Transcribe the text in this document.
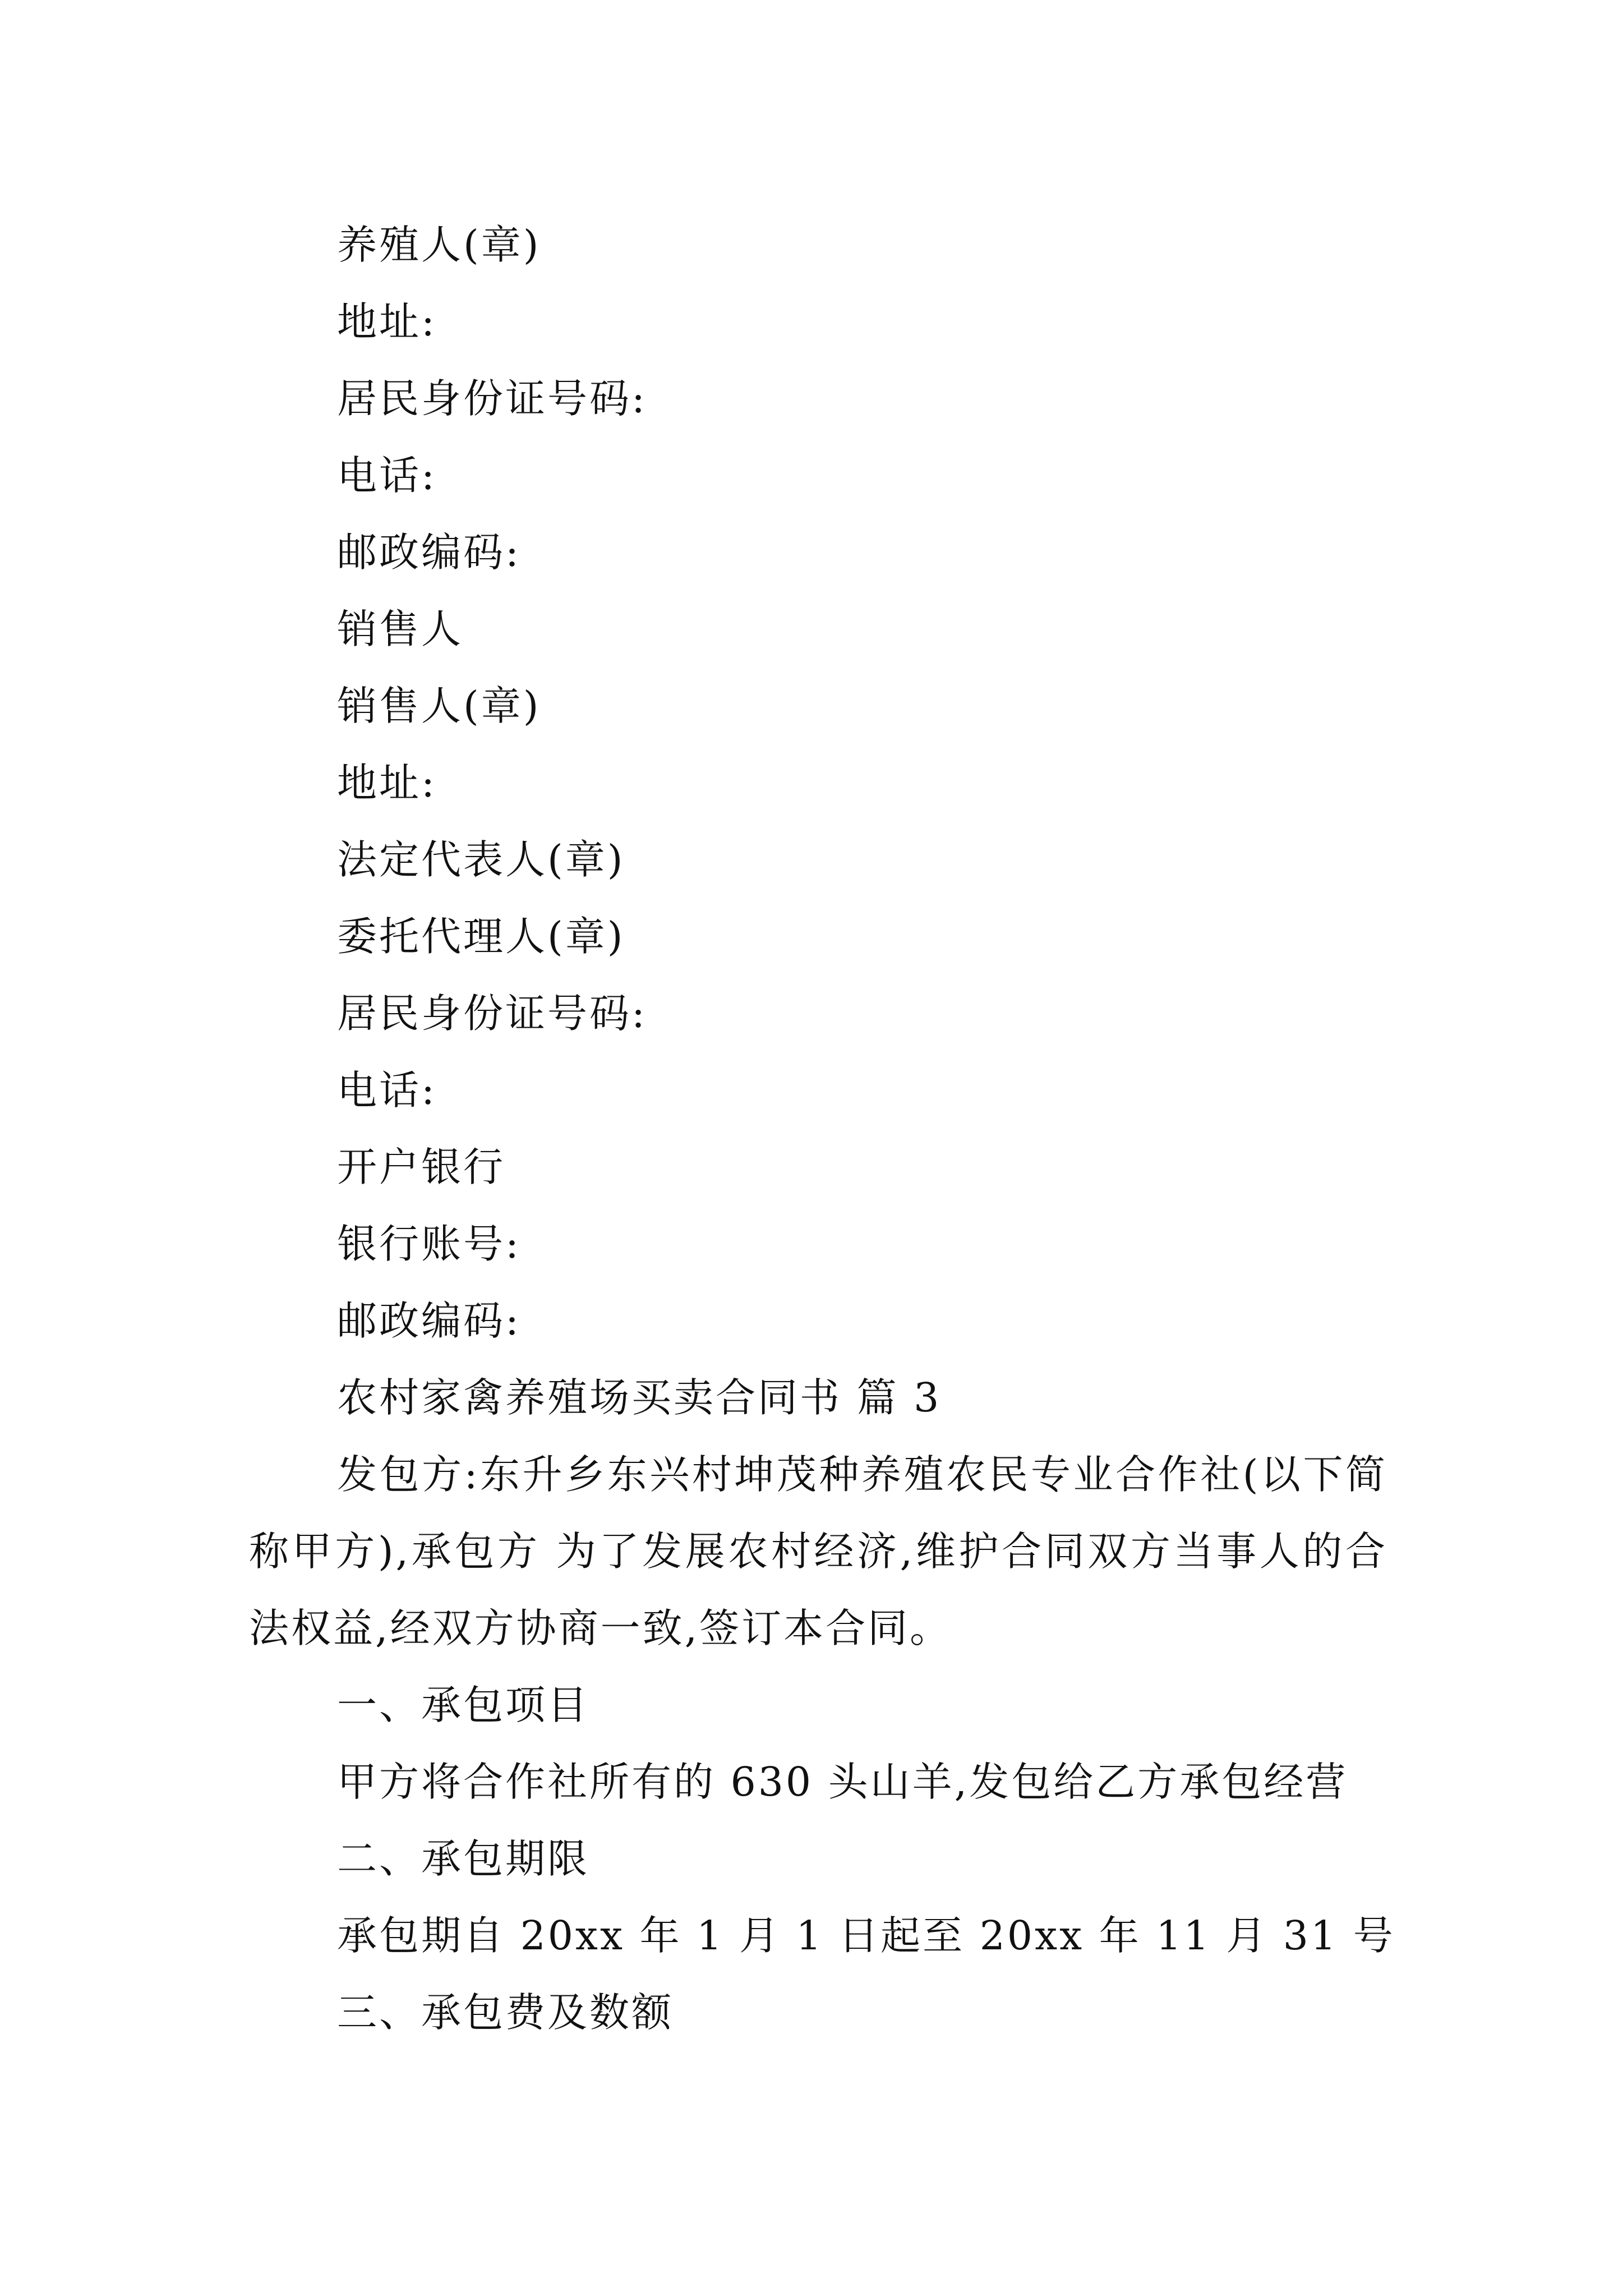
养殖人(章)
地址:
居民身份证号码:
电话:
邮政编码:
销售人
销售人(章)
地址:
法定代表人(章)
委托代理人(章)
居民身份证号码:
电话:
开户银行
银行账号:
邮政编码:
农村家禽养殖场买卖合同书 篇 3
发包方:东升乡东兴村坤茂种养殖农民专业合作社(以下简称甲方),承包方 为了发展农村经济,维护合同双方当事人的合法权益,经双方协商一致,签订本合同。
一、承包项目
甲方将合作社所有的 630 头山羊,发包给乙方承包经营
二、承包期限
承包期自 20xx 年 1 月 1 日起至 20xx 年 11 月 31 号
三、承包费及数额
